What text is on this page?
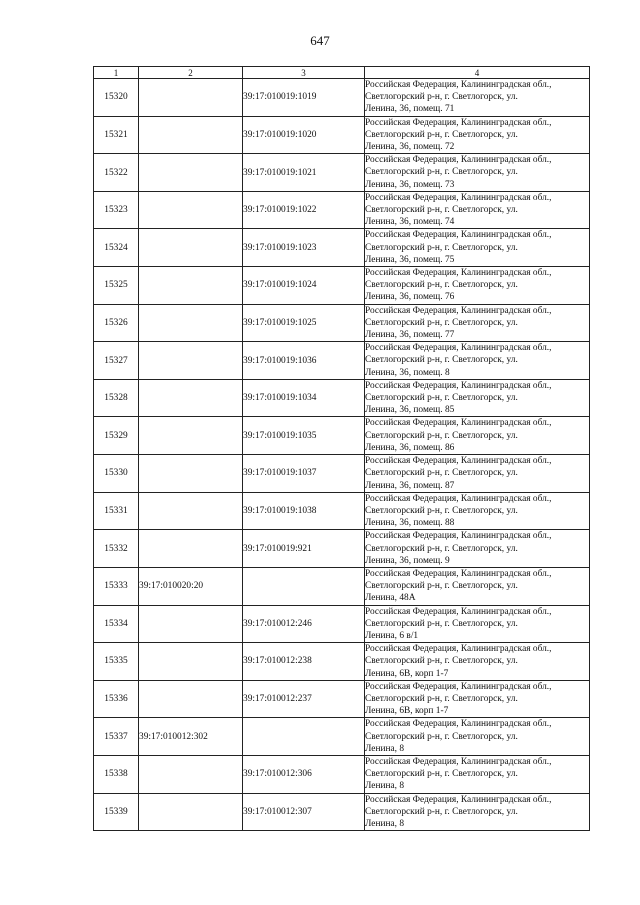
647
1	2	3	4
15320		39:17:010019:1019	Российская Федерация, Калининградская обл.,
Светлогорский р-н, г. Светлогорск, ул.
Ленина, 36, помещ. 71

15321		39:17:010019:1020	Российская Федерация, Калининградская обл.,
Светлогорский р-н, г. Светлогорск, ул.
Ленина, 36, помещ. 72

15322		39:17:010019:1021	Российская Федерация, Калининградская обл.,
Светлогорский р-н, г. Светлогорск, ул.
Ленина, 36, помещ. 73

15323		39:17:010019:1022	Российская Федерация, Калининградская обл.,
Светлогорский р-н, г. Светлогорск, ул.
Ленина, 36, помещ. 74

15324		39:17:010019:1023	Российская Федерация, Калининградская обл.,
Светлогорский р-н, г. Светлогорск, ул.
Ленина, 36, помещ. 75

15325		39:17:010019:1024	Российская Федерация, Калининградская обл.,
Светлогорский р-н, г. Светлогорск, ул.
Ленина, 36, помещ. 76

15326		39:17:010019:1025	Российская Федерация, Калининградская обл.,
Светлогорский р-н, г. Светлогорск, ул.
Ленина, 36, помещ. 77

15327		39:17:010019:1036	Российская Федерация, Калининградская обл.,
Светлогорский р-н, г. Светлогорск, ул.
Ленина, 36, помещ. 8

15328		39:17:010019:1034	Российская Федерация, Калининградская обл.,
Светлогорский р-н, г. Светлогорск, ул.
Ленина, 36, помещ. 85

15329		39:17:010019:1035	Российская Федерация, Калининградская обл.,
Светлогорский р-н, г. Светлогорск, ул.
Ленина, 36, помещ. 86

15330		39:17:010019:1037	Российская Федерация, Калининградская обл.,
Светлогорский р-н, г. Светлогорск, ул.
Ленина, 36, помещ. 87

15331		39:17:010019:1038	Российская Федерация, Калининградская обл.,
Светлогорский р-н, г. Светлогорск, ул.
Ленина, 36, помещ. 88

15332		39:17:010019:921	Российская Федерация, Калининградская обл.,
Светлогорский р-н, г. Светлогорск, ул.
Ленина, 36, помещ. 9

15333	39:17:010020:20		Российская Федерация, Калининградская обл.,
Светлогорский р-н, г. Светлогорск, ул.
Ленина, 48А

15334		39:17:010012:246	Российская Федерация, Калининградская обл.,
Светлогорский р-н, г. Светлогорск, ул.
Ленина, 6 в/1

15335		39:17:010012:238	Российская Федерация, Калининградская обл.,
Светлогорский р-н, г. Светлогорск, ул.
Ленина, 6В, корп 1-7

15336		39:17:010012:237	Российская Федерация, Калининградская обл.,
Светлогорский р-н, г. Светлогорск, ул.
Ленина, 6В, корп 1-7

15337	39:17:010012:302		Российская Федерация, Калининградская обл.,
Светлогорский р-н, г. Светлогорск, ул.
Ленина, 8

15338		39:17:010012:306	Российская Федерация, Калининградская обл.,
Светлогорский р-н, г. Светлогорск, ул.
Ленина, 8

15339		39:17:010012:307	Российская Федерация, Калининградская обл.,
Светлогорский р-н, г. Светлогорск, ул.
Ленина, 8
